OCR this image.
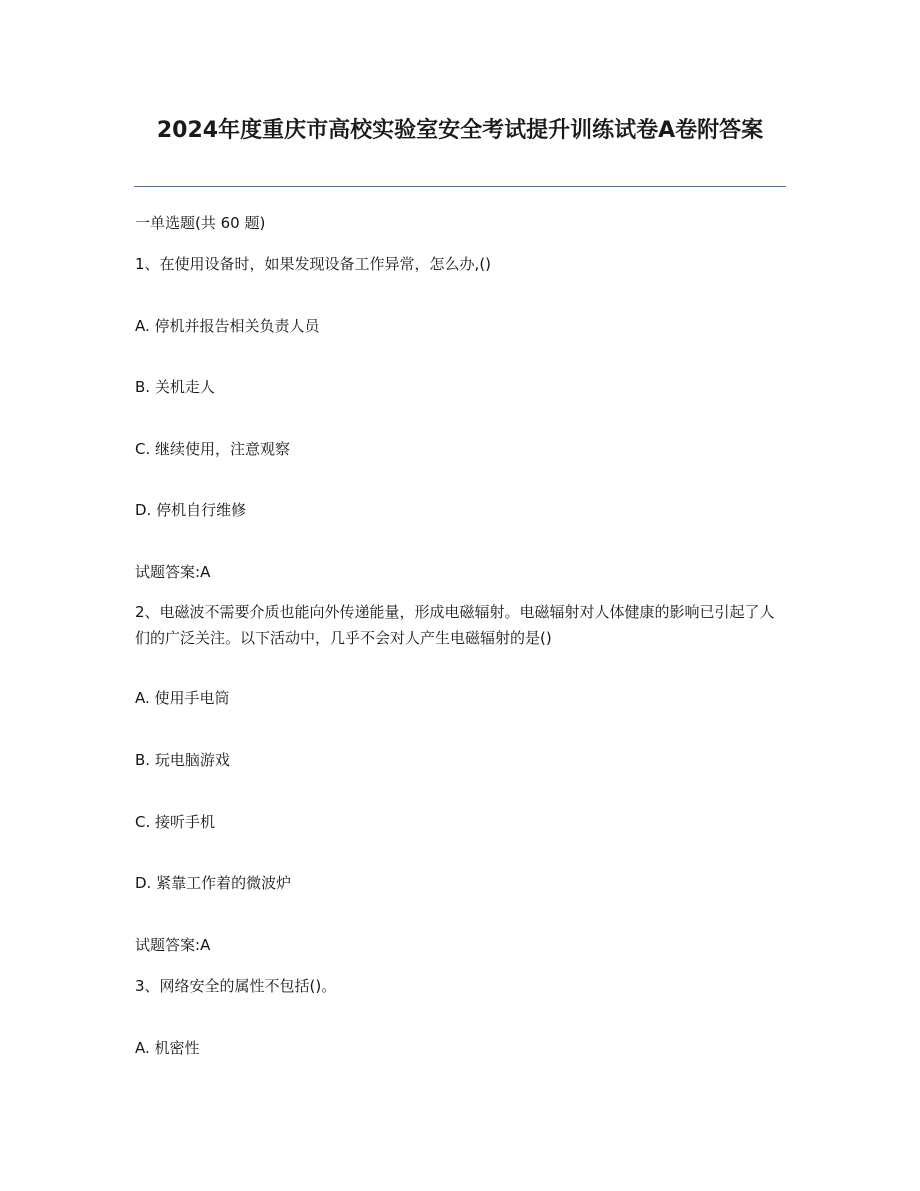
2024年度重庆市高校实验室安全考试提升训练试卷A卷附答案

一单选题(共 60 题)

1、在使用设备时，如果发现设备工作异常，怎么办,()

A. 停机并报告相关负责人员

B. 关机走人

C. 继续使用，注意观察

D. 停机自行维修

试题答案:A

2、电磁波不需要介质也能向外传递能量，形成电磁辐射。电磁辐射对人体健康的影响已引起了人们的广泛关注。以下活动中，几乎不会对人产生电磁辐射的是()

A. 使用手电筒

B. 玩电脑游戏

C. 接听手机

D. 紧靠工作着的微波炉

试题答案:A

3、网络安全的属性不包括()。

A. 机密性
